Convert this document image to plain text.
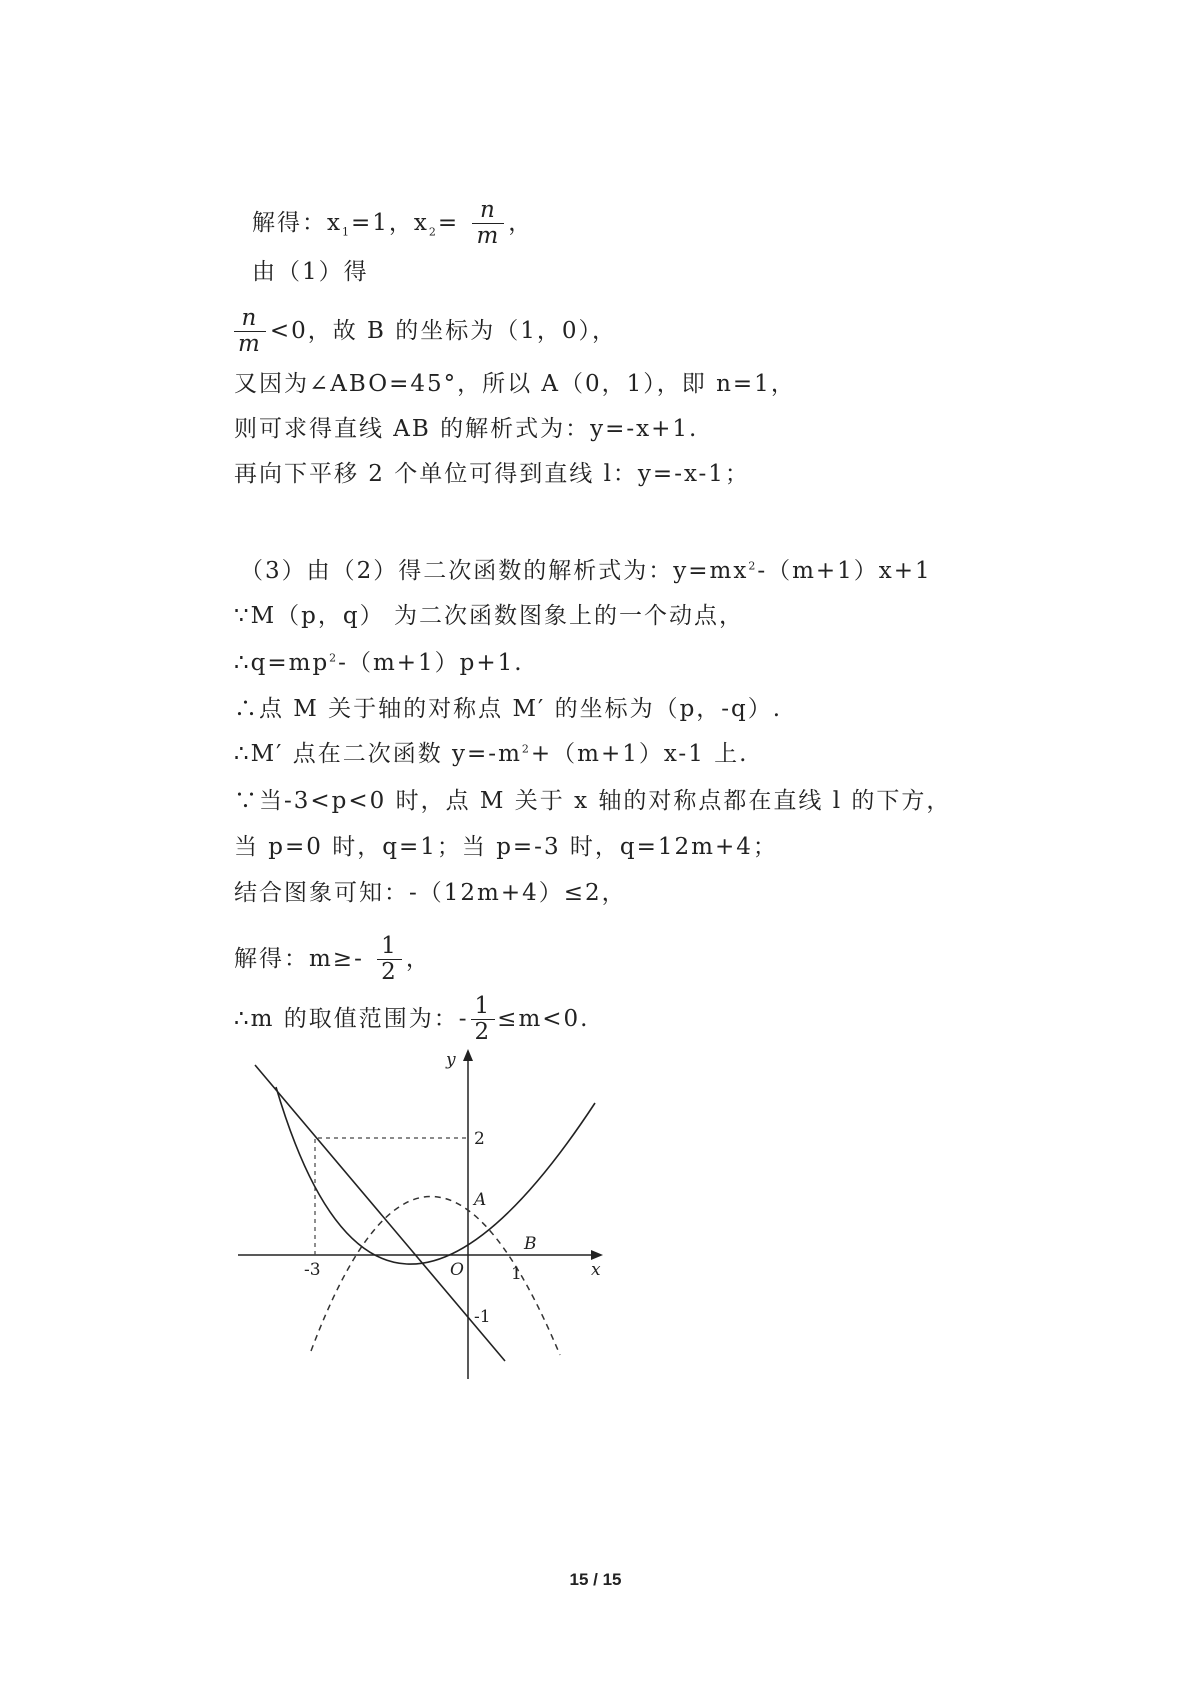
解得：$x_1=1$，$x_2= \frac{n}{m}$ ，
由（1）得
$\frac{n}{m} <0$，故 B 的坐标为（1，0），
又因为∠ABO=45°，所以 A（0，1），即 n=1，
则可求得直线 AB 的解析式为：y=-x+1.
再向下平移 2 个单位可得到直线 l：y=-x-1；
（3）由（2）得二次函数的解析式为：$y=mx^2-(m+1)x+1$
∵M（p，q） 为二次函数图象上的一个动点，
$\therefore q=mp^2-(m+1)p+1$.
∴点 M 关于轴的对称点 M′ 的坐标为（p，-q）.
∴M′ 点在二次函数 $y=-m^2+(m+1)x-1$ 上.
∵当-3<p<0 时，点 M 关于 x 轴的对称点都在直线 l 的下方，
当 p=0 时，q=1；当 p=-3 时，q=12m+4；
结合图象可知：-（12m+4）≤2，
解得：$m\ge- \frac{1}{2}$ ，
∴m 的取值范围为：- $\frac{1}{2} \le m<0$.
y
x
O
2
-3	1
-1
A
B
15 / 15
